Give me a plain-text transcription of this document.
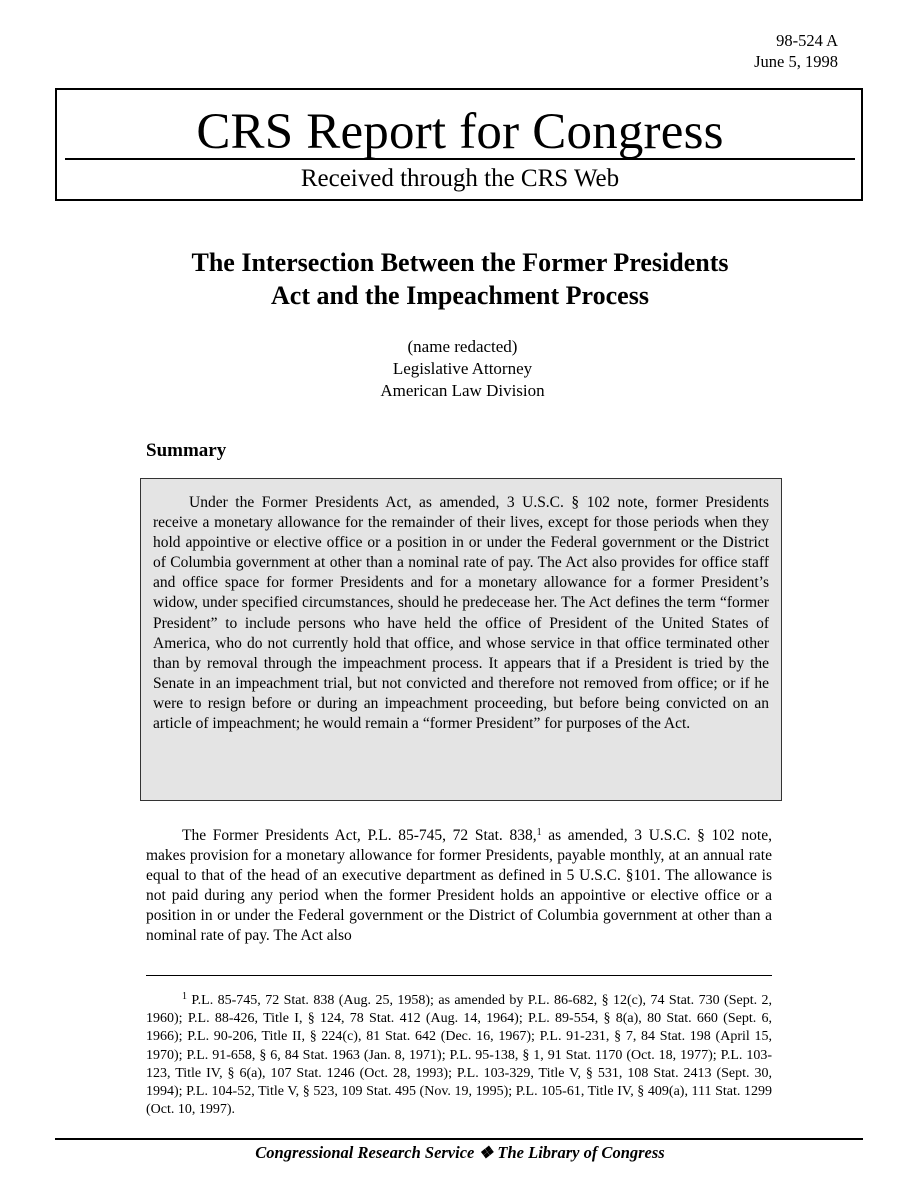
98-524 A
June 5, 1998
CRS Report for Congress
Received through the CRS Web
The Intersection Between the Former Presidents
Act and the Impeachment Process
(name redacted)
Legislative Attorney
American Law Division
Summary

Under the Former Presidents Act, as amended, 3 U.S.C. § 102 note, former Presidents receive a monetary allowance for the remainder of their lives, except for those periods when they hold appointive or elective office or a position in or under the Federal government or the District of Columbia government at other than a nominal rate of pay. The Act also provides for office staff and office space for former Presidents and for a monetary allowance for a former President’s widow, under specified circumstances, should he predecease her. The Act defines the term “former President” to include persons who have held the office of President of the United States of America, who do not currently hold that office, and whose service in that office terminated other than by removal through the impeachment process. It appears that if a President is tried by the Senate in an impeachment trial, but not convicted and therefore not removed from office; or if he were to resign before or during an impeachment proceeding, but before being convicted on an article of impeachment; he would remain a “former President” for purposes of the Act.

The Former Presidents Act, P.L. 85-745, 72 Stat. 838,$^1$ as amended, 3 U.S.C. § 102 note, makes provision for a monetary allowance for former Presidents, payable monthly, at an annual rate equal to that of the head of an executive department as defined in 5 U.S.C. §101. The allowance is not paid during any period when the former President holds an appointive or elective office or a position in or under the Federal government or the District of Columbia government at other than a nominal rate of pay. The Act also

$^1$ P.L. 85-745, 72 Stat. 838 (Aug. 25, 1958); as amended by P.L. 86-682, § 12(c), 74 Stat. 730 (Sept. 2, 1960); P.L. 88-426, Title I, § 124, 78 Stat. 412 (Aug. 14, 1964); P.L. 89-554, § 8(a), 80 Stat. 660 (Sept. 6, 1966); P.L. 90-206, Title II, § 224(c), 81 Stat. 642 (Dec. 16, 1967); P.L. 91-231, § 7, 84 Stat. 198 (April 15, 1970); P.L. 91-658, § 6, 84 Stat. 1963 (Jan. 8, 1971); P.L. 95-138, § 1, 91 Stat. 1170 (Oct. 18, 1977); P.L. 103-123, Title IV, § 6(a), 107 Stat. 1246 (Oct. 28, 1993); P.L. 103-329, Title V, § 531, 108 Stat. 2413 (Sept. 30, 1994); P.L. 104-52, Title V, § 523, 109 Stat. 495 (Nov. 19, 1995); P.L. 105-61, Title IV, § 409(a), 111 Stat. 1299 (Oct. 10, 1997).

Congressional Research Service ❖ The Library of Congress
